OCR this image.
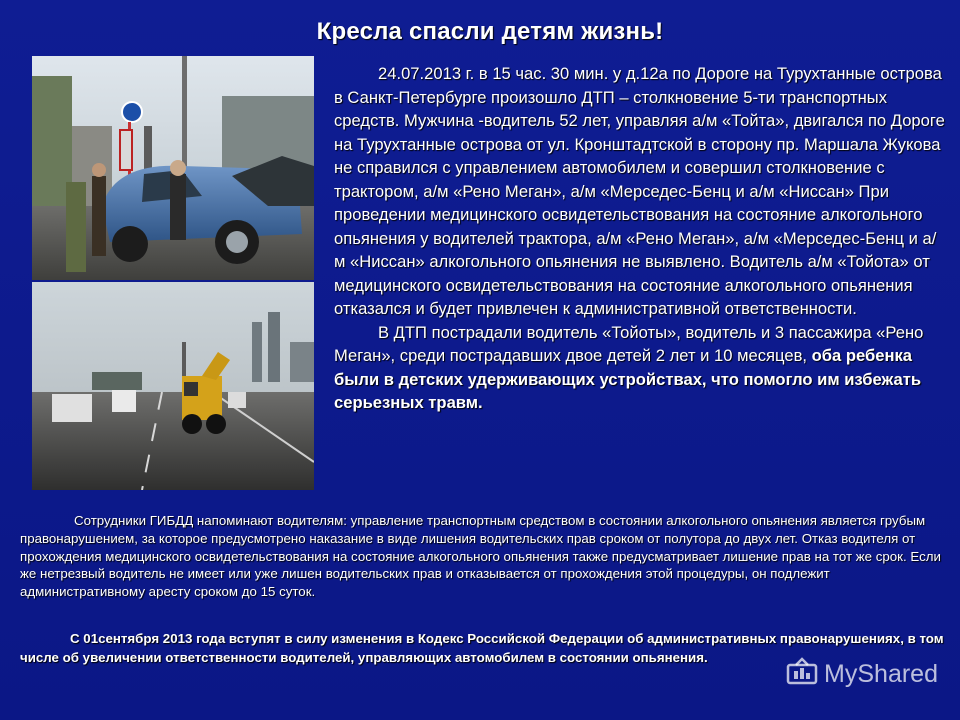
Кресла спасли детям жизнь!

24.07.2013 г. в 15 час. 30 мин. у д.12а по Дороге на Турухтанные острова в Санкт-Петербурге произошло ДТП – столкновение 5-ти транспортных средств. Мужчина -водитель 52 лет, управляя а/м «Тойта», двигался по Дороге на Турухтанные острова от ул. Кронштадтской в сторону пр. Маршала Жукова не справился с управлением автомобилем и совершил столкновение с трактором, а/м «Рено Меган», а/м «Мерседес-Бенц и а/м «Ниссан» При проведении медицинского освидетельствования на состояние алкогольного опьянения у водителей трактора, а/м «Рено Меган», а/м «Мерседес-Бенц и а/м «Ниссан» алкогольного опьянения не выявлено. Водитель а/м «Тойота» от медицинского освидетельствования на состояние алкогольного опьянения отказался и будет привлечен к административной ответственности.

В ДТП пострадали водитель «Тойоты», водитель и 3 пассажира «Рено Меган», среди пострадавших двое детей 2 лет и 10 месяцев, оба ребенка были в детских удерживающих устройствах, что помогло им избежать серьезных травм.

Сотрудники ГИБДД напоминают водителям: управление транспортным средством в состоянии алкогольного опьянения является грубым правонарушением, за которое предусмотрено наказание в виде лишения водительских прав сроком от полутора до двух лет. Отказ водителя от прохождения медицинского освидетельствования на состояние алкогольного опьянения также предусматривает лишение прав на тот же срок. Если же нетрезвый водитель не имеет или уже лишен водительских прав и отказывается от прохождения этой процедуры, он подлежит административному аресту сроком до 15 суток.

С 01сентября 2013 года вступят в силу изменения в Кодекс Российской Федерации об административных правонарушениях, в том числе об увеличении ответственности водителей, управляющих автомобилем в состоянии опьянения.

MyShared
